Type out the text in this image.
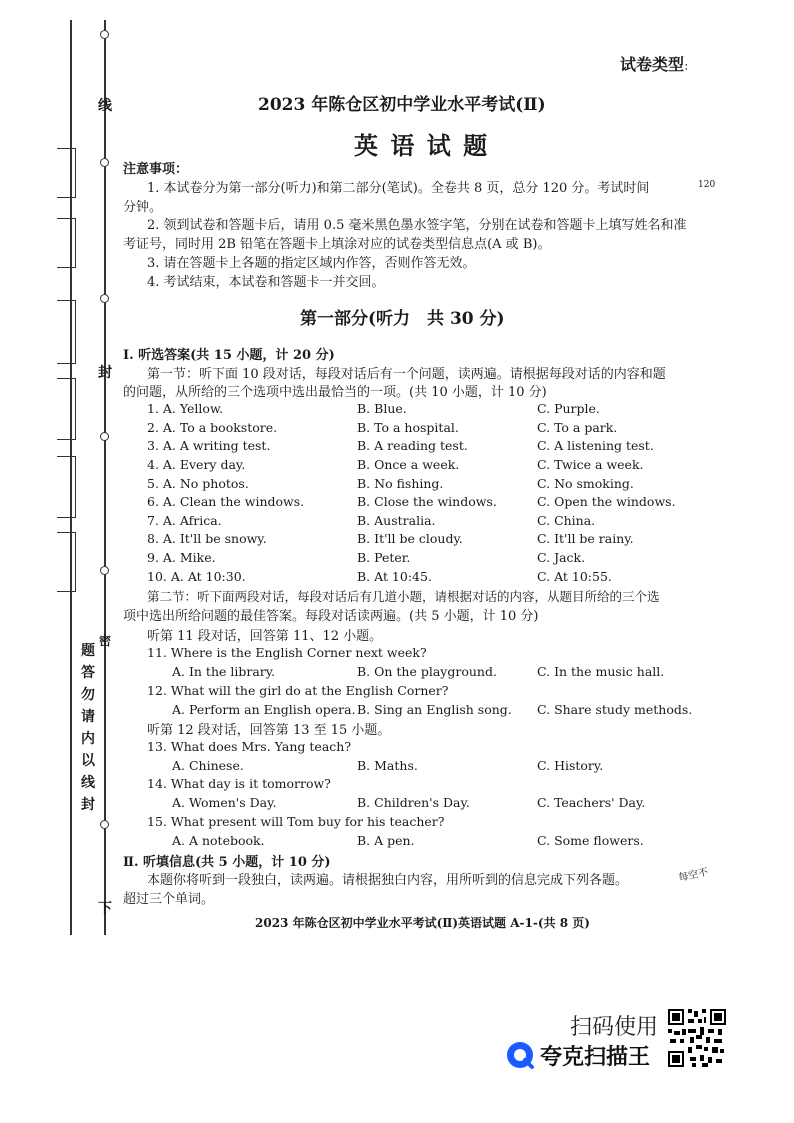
线
封
密
下
题
答
勿
请
内
以
线
封
试卷类型：
2023 年陈仓区初中学业水平考试(Ⅱ)
英 语 试 题
注意事项：
1. 本试卷分为第一部分(听力)和第二部分(笔试)。全卷共 8 页，总分 120 分。考试时间	120
分钟。
2. 领到试卷和答题卡后，请用 0.5 毫米黑色墨水签字笔，分别在试卷和答题卡上填写姓名和准
考证号，同时用 2B 铅笔在答题卡上填涂对应的试卷类型信息点(A 或 B)。
3. 请在答题卡上各题的指定区域内作答，否则作答无效。
4. 考试结束，本试卷和答题卡一并交回。
第一部分(听力　共 30 分)
Ⅰ. 听选答案(共 15 小题，计 20 分)
第一节：听下面 10 段对话，每段对话后有一个问题，读两遍。请根据每段对话的内容和题
的问题，从所给的三个选项中选出最恰当的一项。(共 10 小题，计 10 分)
1. A. Yellow.	B. Blue.	C. Purple.
2. A. To a bookstore.	B. To a hospital.	C. To a park.
3. A. A writing test.	B. A reading test.	C. A listening test.
4. A. Every day.	B. Once a week.	C. Twice a week.
5. A. No photos.	B. No fishing.	C. No smoking.
6. A. Clean the windows.	B. Close the windows.	C. Open the windows.
7. A. Africa.	B. Australia.	C. China.
8. A. It'll be snowy.	B. It'll be cloudy.	C. It'll be rainy.
9. A. Mike.	B. Peter.	C. Jack.
10. A. At 10:30.	B. At 10:45.	C. At 10:55.
第二节：听下面两段对话，每段对话后有几道小题，请根据对话的内容，从题目所给的三个选
项中选出所给问题的最佳答案。每段对话读两遍。(共 5 小题，计 10 分)
听第 11 段对话，回答第 11、12 小题。
11. Where is the English Corner next week?
A. In the library.	B. On the playground.	C. In the music hall.
12. What will the girl do at the English Corner?
A. Perform an English opera. B. Sing an English song. C. Share study methods.
听第 12 段对话，回答第 13 至 15 小题。
13. What does Mrs. Yang teach?
A. Chinese.	B. Maths.	C. History.
14. What day is it tomorrow?
A. Women's Day.	B. Children's Day.	C. Teachers' Day.
15. What present will Tom buy for his teacher?
A. A notebook.	B. A pen.	C. Some flowers.
Ⅱ. 听填信息(共 5 小题，计 10 分)
本题你将听到一段独白，读两遍。请根据独白内容，用所听到的信息完成下列各题。	每空不
超过三个单词。
2023 年陈仓区初中学业水平考试(Ⅱ)英语试题 A-1-(共 8 页)
扫码使用
夸克扫描王
